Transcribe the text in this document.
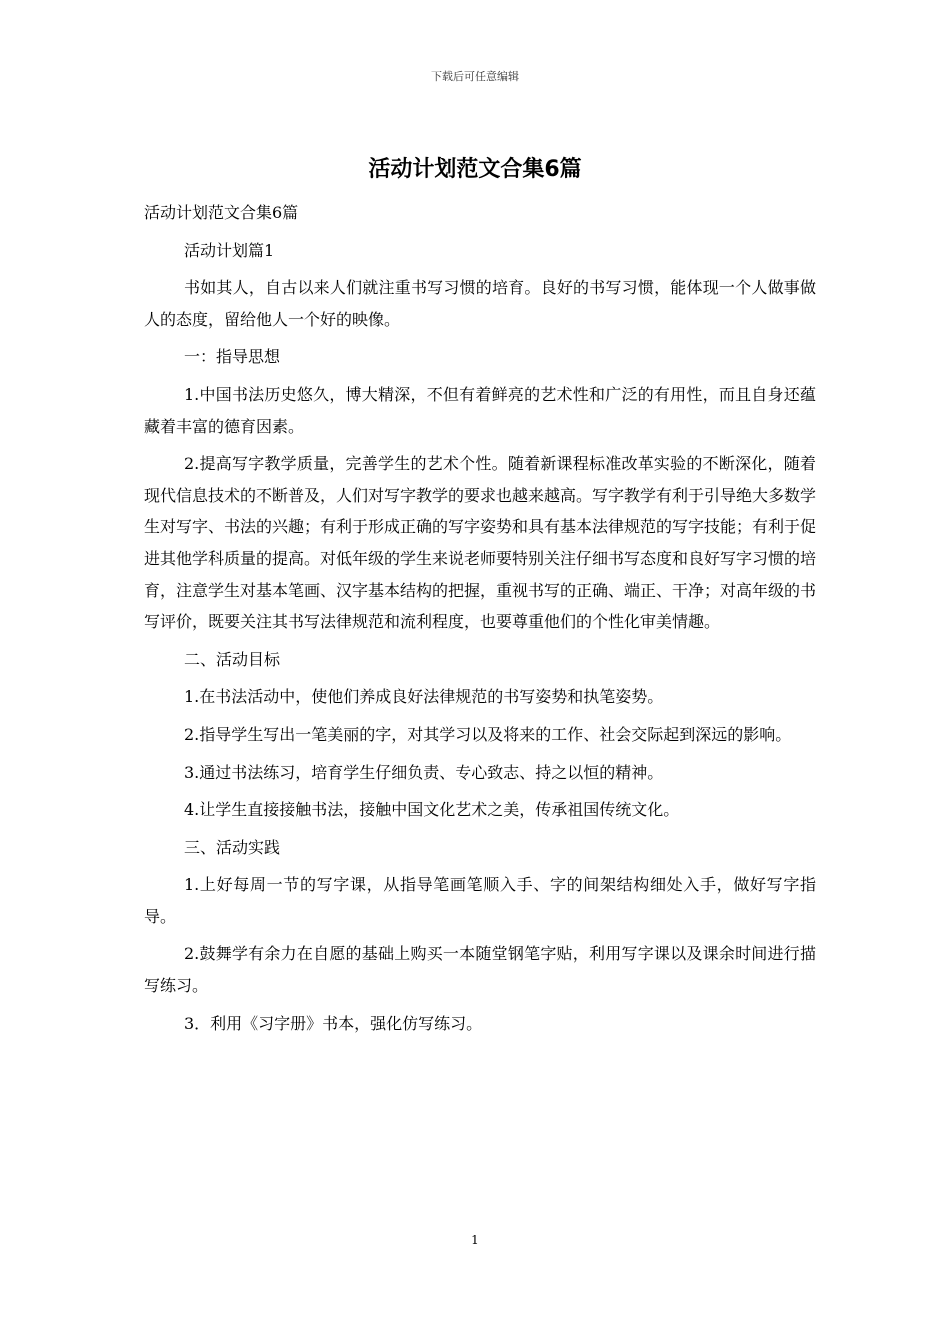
下载后可任意编辑
活动计划范文合集6篇

活动计划范文合集6篇

活动计划篇1

书如其人，自古以来人们就注重书写习惯的培育。良好的书写习惯，能体现一个人做事做人的态度，留给他人一个好的映像。

一：指导思想

1.中国书法历史悠久，博大精深，不但有着鲜亮的艺术性和广泛的有用性，而且自身还蕴藏着丰富的德育因素。

2.提高写字教学质量，完善学生的艺术个性。随着新课程标准改革实验的不断深化，随着现代信息技术的不断普及，人们对写字教学的要求也越来越高。写字教学有利于引导绝大多数学生对写字、书法的兴趣；有利于形成正确的写字姿势和具有基本法律规范的写字技能；有利于促进其他学科质量的提高。对低年级的学生来说老师要特别关注仔细书写态度和良好写字习惯的培育，注意学生对基本笔画、汉字基本结构的把握，重视书写的正确、端正、干净；对高年级的书写评价，既要关注其书写法律规范和流利程度，也要尊重他们的个性化审美情趣。

二、活动目标

1.在书法活动中，使他们养成良好法律规范的书写姿势和执笔姿势。

2.指导学生写出一笔美丽的字，对其学习以及将来的工作、社会交际起到深远的影响。

3.通过书法练习，培育学生仔细负责、专心致志、持之以恒的精神。

4.让学生直接接触书法，接触中国文化艺术之美，传承祖国传统文化。

三、活动实践

1.上好每周一节的写字课，从指导笔画笔顺入手、字的间架结构细处入手，做好写字指导。

2.鼓舞学有余力在自愿的基础上购买一本随堂钢笔字贴，利用写字课以及课余时间进行描写练习。

3．利用《习字册》书本，强化仿写练习。

1
